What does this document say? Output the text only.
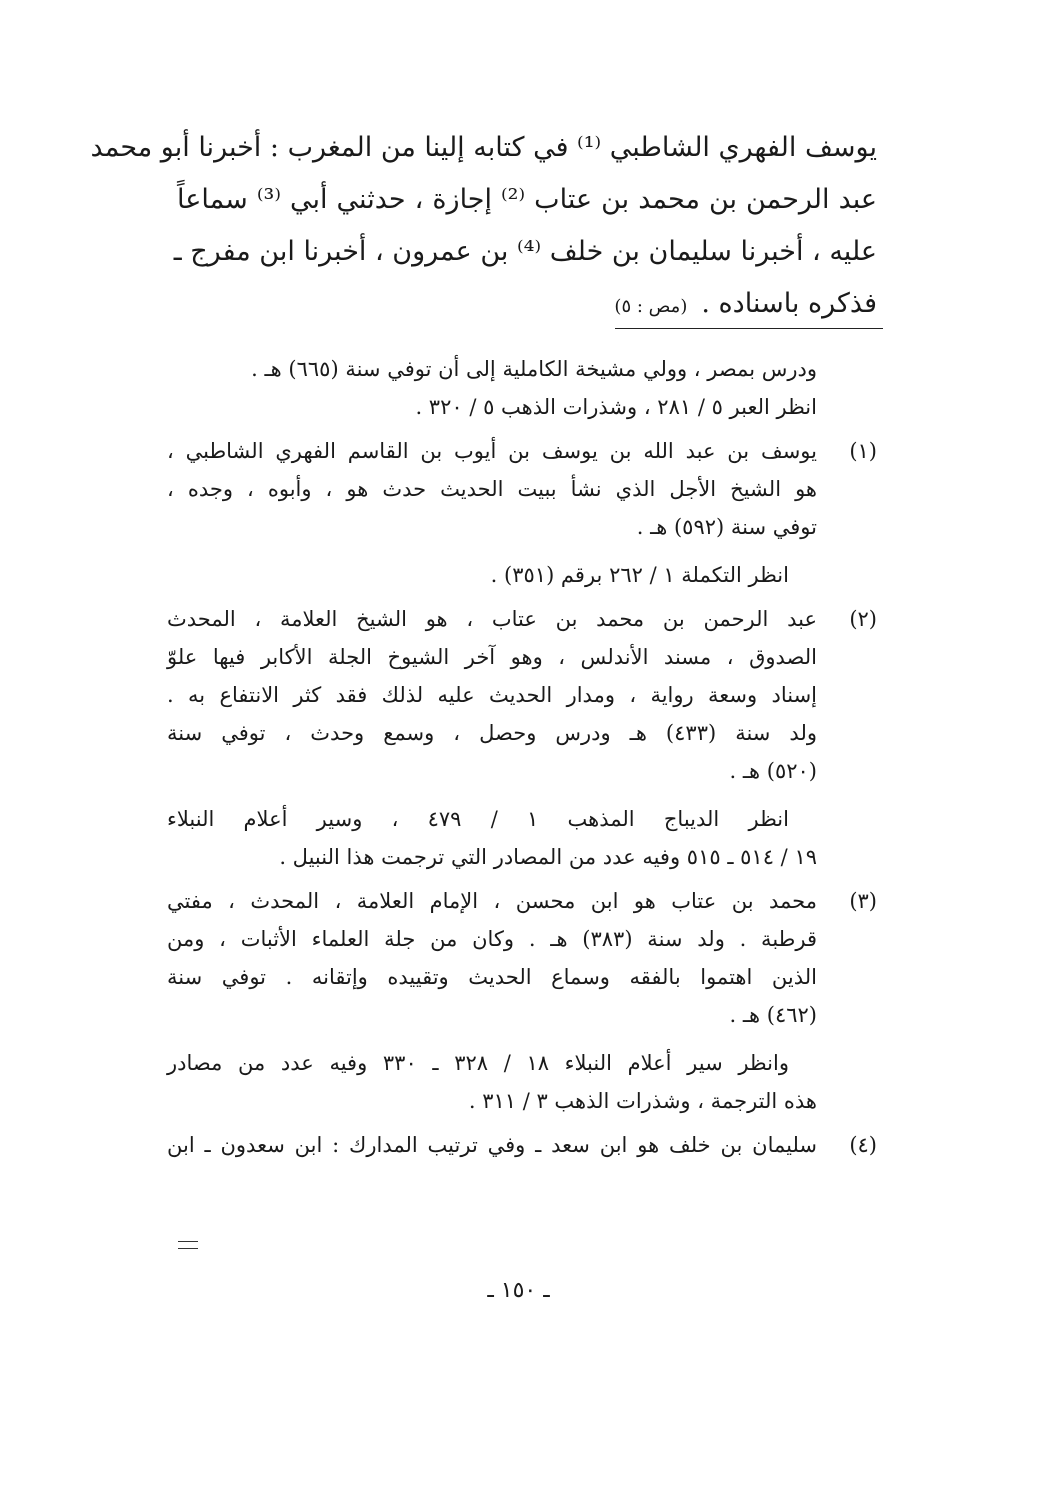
يوسف الفهري الشاطبي ⁽¹⁾ في كتابه إلينا من المغرب : أخبرنا أبو محمد
عبد الرحمن بن محمد بن عتاب ⁽²⁾ إجازة ، حدثني أبي ⁽³⁾ سماعاً
عليه ، أخبرنا سليمان بن خلف ⁽⁴⁾ بن عمرون ، أخبرنا ابن مفرج ـ
فذكره باسناده .(مص : ٥)
ودرس بمصر ، وولي مشيخة الكاملية إلى أن توفي سنة (٦٦٥) هـ .
انظر العبر ٥ / ٢٨١ ، وشذرات الذهب ٥ / ٣٢٠ .
(١)
يوسف بن عبد الله بن يوسف بن أيوب بن القاسم الفهري الشاطبي ،
هو الشيخ الأجل الذي نشأ ببيت الحديث حدث هو ، وأبوه ، وجده ،
توفي سنة (٥٩٢) هـ .
انظر التكملة ١ / ٢٦٢ برقم (٣٥١) .
(٢)
عبد الرحمن بن محمد بن عتاب ، هو الشيخ العلامة ، المحدث
الصدوق ، مسند الأندلس ، وهو آخر الشيوخ الجلة الأكابر فيها علوّ
إسناد وسعة رواية ، ومدار الحديث عليه لذلك فقد كثر الانتفاع به .
ولد سنة (٤٣٣) هـ ودرس وحصل ، وسمع وحدث ، توفي سنة
(٥٢٠) هـ .
انظر الديباج المذهب ١ / ٤٧٩ ، وسير أعلام النبلاء
١٩ / ٥١٤ ـ ٥١٥ وفيه عدد من المصادر التي ترجمت هذا النبيل .
(٣)
محمد بن عتاب هو ابن محسن ، الإمام العلامة ، المحدث ، مفتي
قرطبة . ولد سنة (٣٨٣) هـ . وكان من جلة العلماء الأثبات ، ومن
الذين اهتموا بالفقه وسماع الحديث وتقييده وإتقانه . توفي سنة
(٤٦٢) هـ .
وانظر سير أعلام النبلاء ١٨ / ٣٢٨ ـ ٣٣٠ وفيه عدد من مصادر
هذه الترجمة ، وشذرات الذهب ٣ / ٣١١ .
(٤)
سليمان بن خلف هو ابن سعد ـ وفي ترتيب المدارك : ابن سعدون ـ ابن
ـ ١٥٠ ـ
